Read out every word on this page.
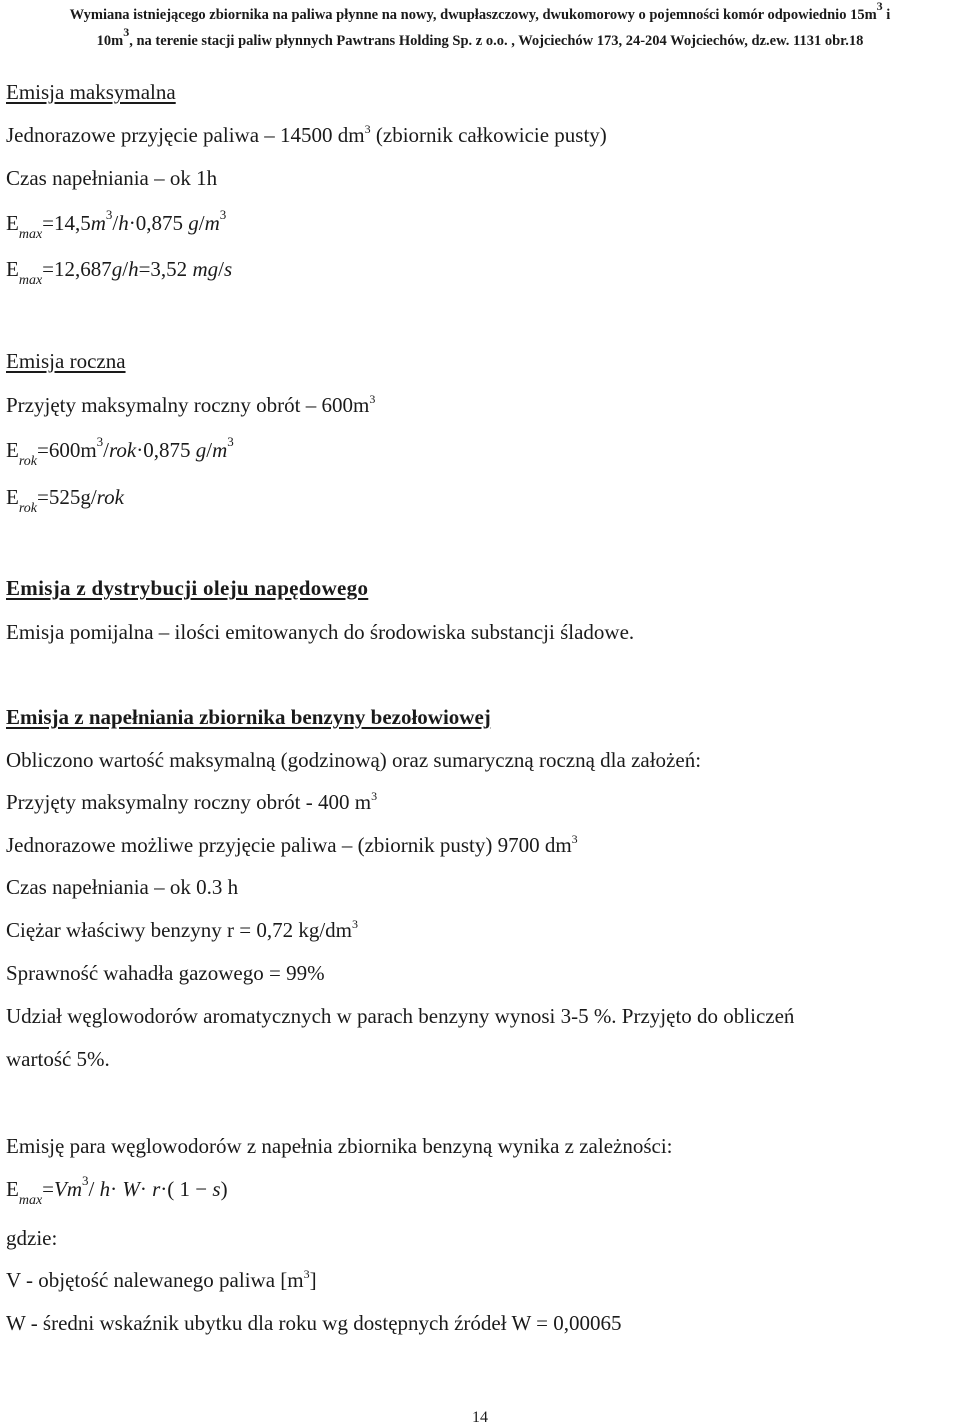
Wymiana istniejącego zbiornika na paliwa płynne na nowy, dwupłaszczowy, dwukomorowy o pojemności komór odpowiednio $15m^3$ i
$10m^3$, na terenie stacji paliw płynnych Pawtrans Holding Sp. z o.o. , Wojciechów 173, 24-204 Wojciechów, dz.ew. 1131 obr.18
Emisja maksymalna
Jednorazowe przyjęcie paliwa – 14500 $dm^3$ (zbiornik całkowicie pusty)
Czas napełniania – ok 1h
$E_{max}=14,5m^3/h\cdot 0,875$ $g/m^3$
$E_{max}=12,687g/h=3,52$ mg/s
Emisja roczna
Przyjęty maksymalny roczny obrót – $600m^3$
$E_{rok}=600m^3/rok\cdot 0,875$ $g/m^3$
$E_{rok}=525g$/rok
Emisja z dystrybucji oleju napędowego
Emisja pomijalna – ilości emitowanych do środowiska substancji śladowe.
Emisja z napełniania zbiornika benzyny bezołowiowej
Obliczono wartość maksymalną (godzinową) oraz sumaryczną roczną dla założeń:
Przyjęty maksymalny roczny obrót - 400 $m^3$
Jednorazowe możliwe przyjęcie paliwa – (zbiornik pusty) 9700 $dm^3$
Czas napełniania – ok 0.3 h
Ciężar właściwy benzyny r = 0,72 $kg/dm^3$
Sprawność wahadła gazowego = 99%
Udział węglowodorów aromatycznych w parach benzyny wynosi 3-5 %. Przyjęto do obliczeń
wartość 5%.
Emisję para węglowodorów z napełnia zbiornika benzyną wynika z zależności:
$E_{max}=Vm^3/$ h· W· r·( 1 − s)
gdzie:
V - objętość nalewanego paliwa $[m^3]$
W - średni wskaźnik ubytku dla roku wg dostępnych źródeł W = 0,00065
14
